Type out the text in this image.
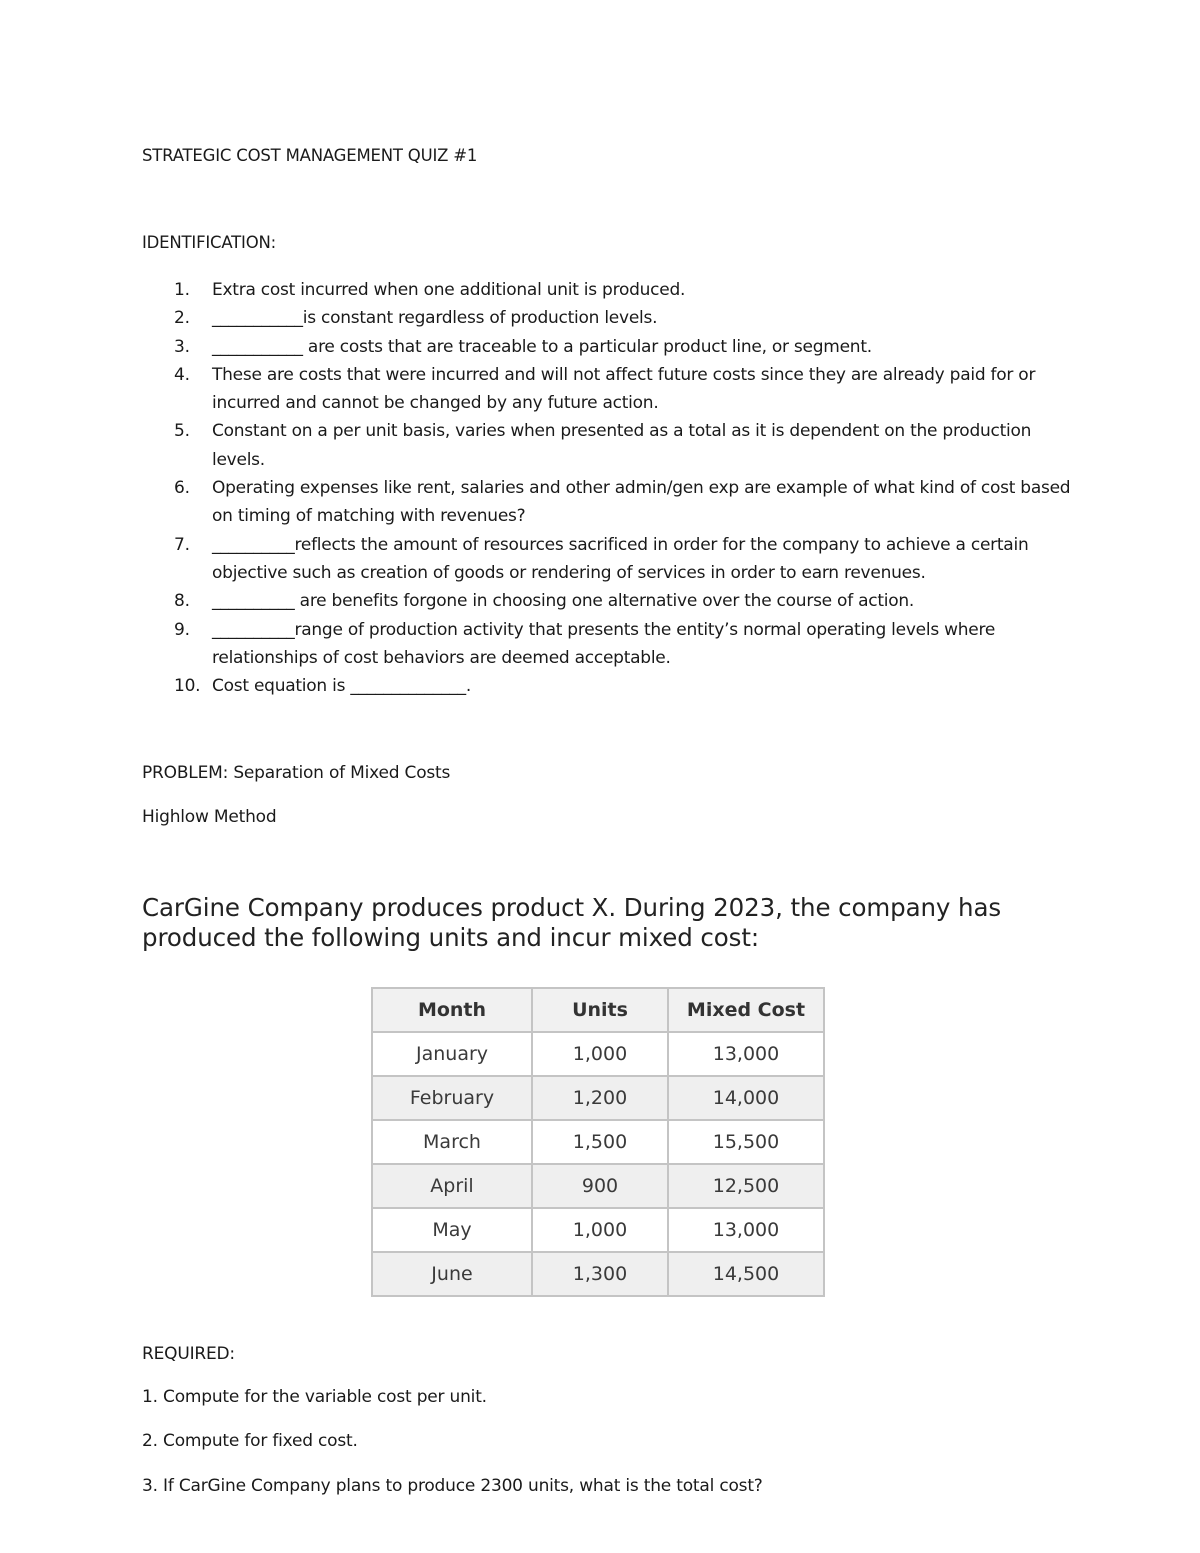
STRATEGIC COST MANAGEMENT QUIZ #1
IDENTIFICATION:
1. Extra cost incurred when one additional unit is produced.
2. ___________is constant regardless of production levels.
3. ___________ are costs that are traceable to a particular product line, or segment.
4. These are costs that were incurred and will not affect future costs since they are already paid for or incurred and cannot be changed by any future action.
5. Constant on a per unit basis, varies when presented as a total as it is dependent on the production levels.
6. Operating expenses like rent, salaries and other admin/gen exp are example of what kind of cost based on timing of matching with revenues?
7. __________reflects the amount of resources sacrificed in order for the company to achieve a certain objective such as creation of goods or rendering of services in order to earn revenues.
8. __________ are benefits forgone in choosing one alternative over the course of action.
9. __________range of production activity that presents the entity’s normal operating levels where relationships of cost behaviors are deemed acceptable.
10. Cost equation is ______________.
PROBLEM: Separation of Mixed Costs
Highlow Method
CarGine Company produces product X. During 2023, the company has produced the following units and incur mixed cost:
Month	Units	Mixed Cost
January	1,000	13,000
February	1,200	14,000
March	1,500	15,500
April	900	12,500
May	1,000	13,000
June	1,300	14,500
REQUIRED:
1. Compute for the variable cost per unit.
2. Compute for fixed cost.
3. If CarGine Company plans to produce 2300 units, what is the total cost?
